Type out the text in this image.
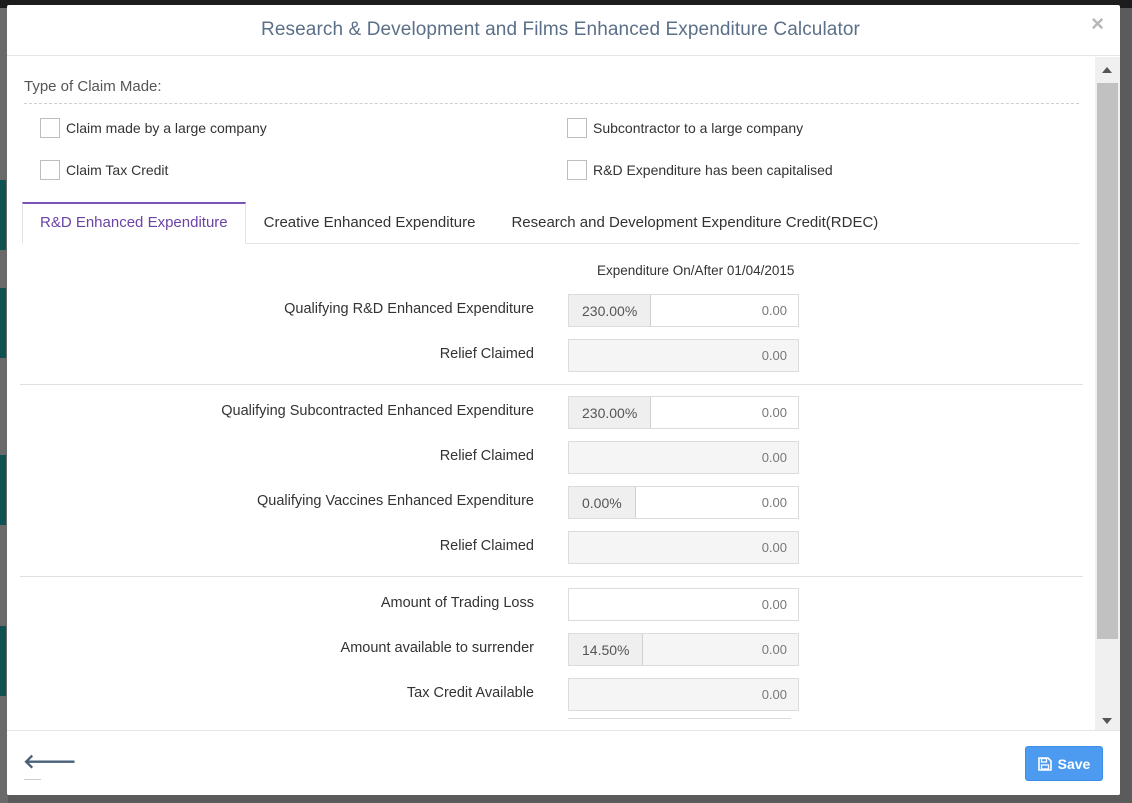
Research & Development and Films Enhanced Expenditure Calculator	×
Type of Claim Made:
Claim made by a large company	Subcontractor to a large company
Claim Tax Credit	R&D Expenditure has been capitalised
R&D Enhanced Expenditure	Creative Enhanced Expenditure	Research and Development Expenditure Credit(RDEC)
Expenditure On/After 01/04/2015
Qualifying R&D Enhanced Expenditure	230.00%	0.00
Relief Claimed	0.00
Qualifying Subcontracted Enhanced Expenditure	230.00%	0.00
Relief Claimed	0.00
Qualifying Vaccines Enhanced Expenditure	0.00%	0.00
Relief Claimed	0.00
Amount of Trading Loss	0.00
Amount available to surrender	14.50%	0.00
Tax Credit Available	0.00
🡐	Save
